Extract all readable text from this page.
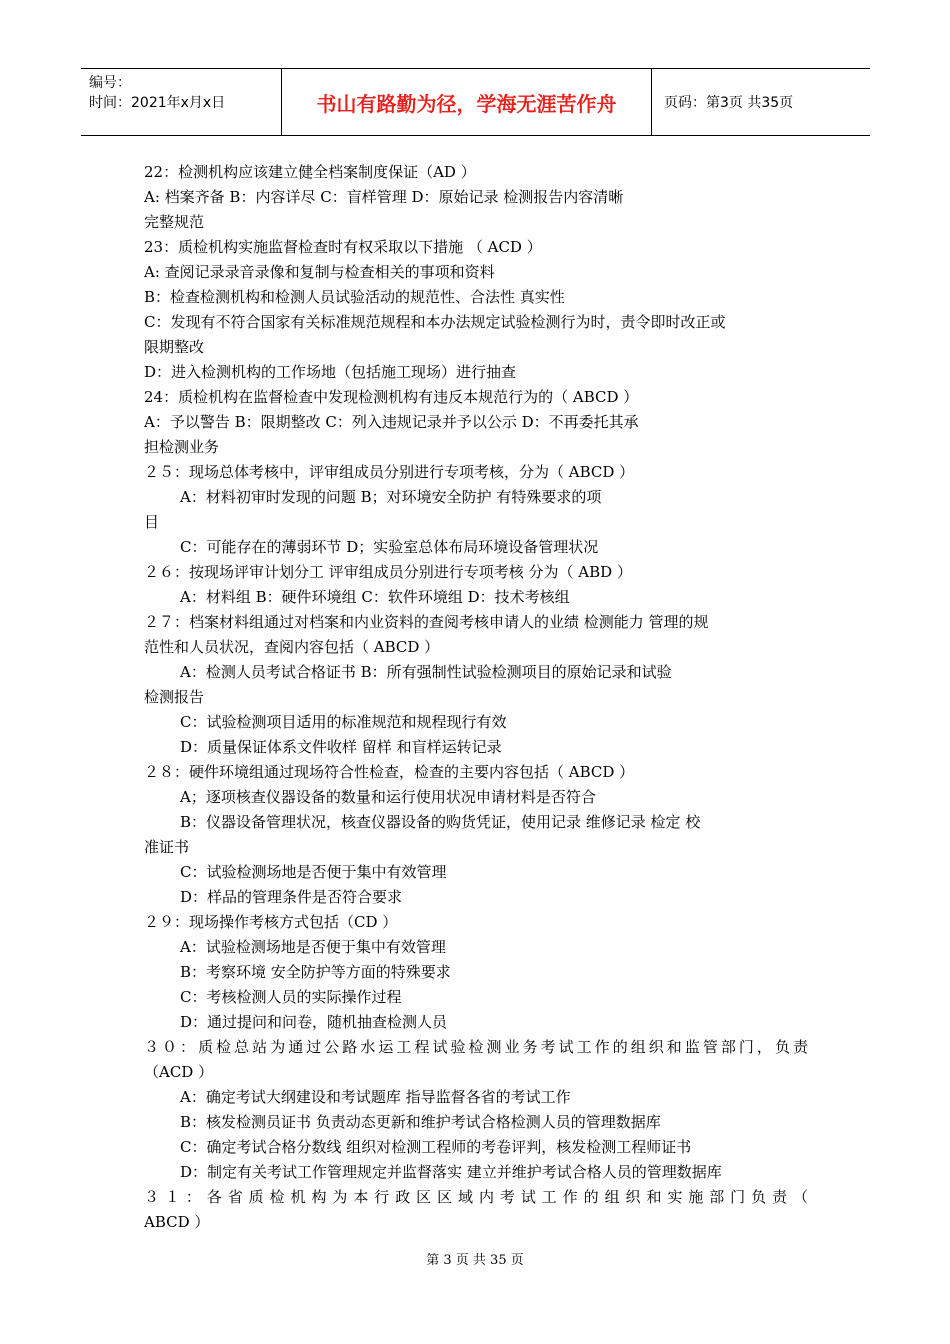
编号：
时间：2021年x月x日	书山有路勤为径，学海无涯苦作舟	页码：第3页 共35页
22：检测机构应该建立健全档案制度保证（AD ）
A: 档案齐备 B：内容详尽 C：盲样管理 D：原始记录 检测报告内容清晰
完整规范
23：质检机构实施监督检查时有权采取以下措施 （ ACD ）
A: 查阅记录录音录像和复制与检查相关的事项和资料
B：检查检测机构和检测人员试验活动的规范性、合法性 真实性
C：发现有不符合国家有关标准规范规程和本办法规定试验检测行为时，责令即时改正或
限期整改
D：进入检测机构的工作场地（包括施工现场）进行抽查
24：质检机构在监督检查中发现检测机构有违反本规范行为的（ ABCD ）
A：予以警告 B：限期整改 C：列入违规记录并予以公示 D：不再委托其承
担检测业务
２５：现场总体考核中，评审组成员分别进行专项考核，分为（ ABCD ）
A：材料初审时发现的问题 B；对环境安全防护 有特殊要求的项
目
C：可能存在的薄弱环节 D；实验室总体布局环境设备管理状况
２６：按现场评审计划分工 评审组成员分别进行专项考核 分为（ ABD ）
A：材料组 B：硬件环境组 C：软件环境组 D：技术考核组
２７：档案材料组通过对档案和内业资料的查阅考核申请人的业绩 检测能力 管理的规
范性和人员状况，查阅内容包括（ ABCD ）
A：检测人员考试合格证书 B：所有强制性试验检测项目的原始记录和试验
检测报告
C：试验检测项目适用的标准规范和规程现行有效
D：质量保证体系文件收样 留样 和盲样运转记录
２８：硬件环境组通过现场符合性检查，检查的主要内容包括（ ABCD ）
A；逐项核查仪器设备的数量和运行使用状况申请材料是否符合
B：仪器设备管理状况，核查仪器设备的购货凭证，使用记录 维修记录 检定 校
准证书
C：试验检测场地是否便于集中有效管理
D：样品的管理条件是否符合要求
２９：现场操作考核方式包括（CD ）
A：试验检测场地是否便于集中有效管理
B：考察环境 安全防护等方面的特殊要求
C：考核检测人员的实际操作过程
D：通过提问和问卷，随机抽查检测人员
３０：质检总站为通过公路水运工程试验检测业务考试工作的组织和监管部门，负责
（ACD ）
A：确定考试大纲建设和考试题库 指导监督各省的考试工作
B：核发检测员证书 负责动态更新和维护考试合格检测人员的管理数据库
C：确定考试合格分数线 组织对检测工程师的考卷评判，核发检测工程师证书
D：制定有关考试工作管理规定并监督落实 建立并维护考试合格人员的管理数据库
３１：各省质检机构为本行政区区域内考试工作的组织和实施部门负责（
ABCD ）
第 3 页 共 35 页
